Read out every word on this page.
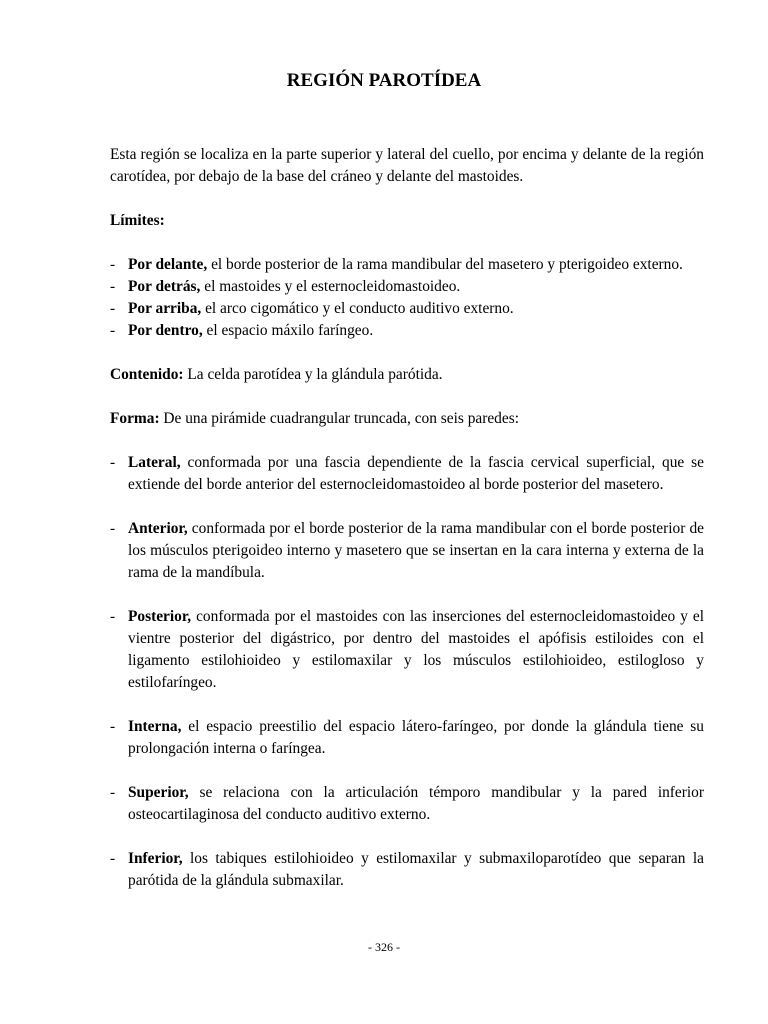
REGIÓN PAROTÍDEA

Esta región se localiza en la parte superior y lateral del cuello, por encima y delante de la región carotídea, por debajo de la base del cráneo y delante del mastoides.

Límites:

- Por delante, el borde posterior de la rama mandibular del masetero y pterigoideo externo.
- Por detrás, el mastoides y el esternocleidomastoideo.
- Por arriba, el arco cigomático y el conducto auditivo externo.
- Por dentro, el espacio máxilo faríngeo.

Contenido: La celda parotídea y la glándula parótida.

Forma: De una pirámide cuadrangular truncada, con seis paredes:

- Lateral, conformada por una fascia dependiente de la fascia cervical superficial, que se extiende del borde anterior del esternocleidomastoideo al borde posterior del masetero.
- Anterior, conformada por el borde posterior de la rama mandibular con el borde posterior de los músculos pterigoideo interno y masetero que se insertan en la cara interna y externa de la rama de la mandíbula.
- Posterior, conformada por el mastoides con las inserciones del esternocleidomastoideo y el vientre posterior del digástrico, por dentro del mastoides el apófisis estiloides con el ligamento estilohioideo y estilomaxilar y los músculos estilohioideo, estilogloso y estilofaríngeo.
- Interna, el espacio preestilio del espacio látero-faríngeo, por donde la glándula tiene su prolongación interna o faríngea.
- Superior, se relaciona con la articulación témporo mandibular y la pared inferior osteocartilaginosa del conducto auditivo externo.
- Inferior, los tabiques estilohioideo y estilomaxilar y submaxiloparotídeo que separan la parótida de la glándula submaxilar.
- 326 -
